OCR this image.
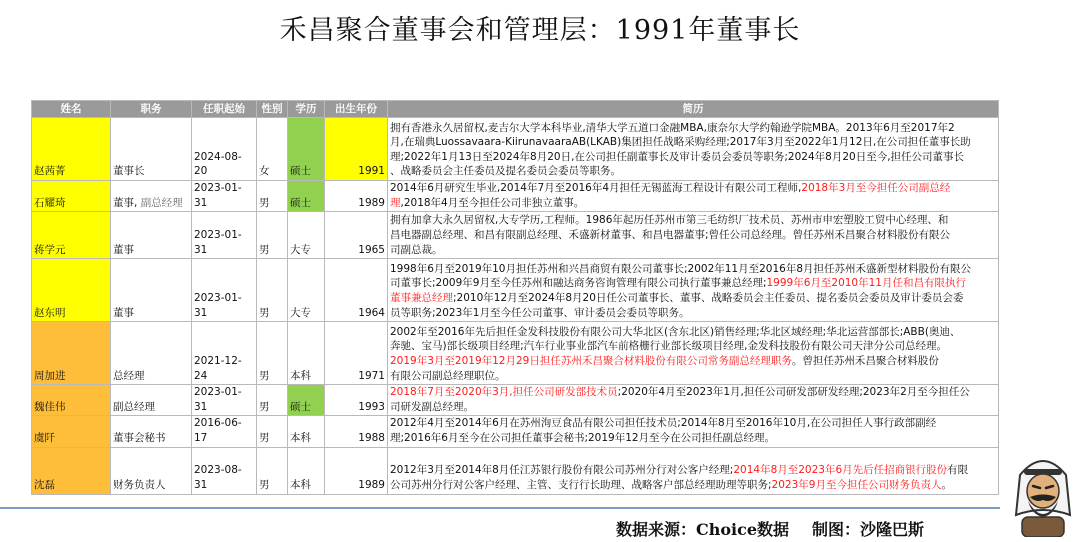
禾昌聚合董事会和管理层：1991年董事长
姓名	职务	任职起始	性别	学历	出生年份	简历
赵茜菁	董事长	2024-08-20	女	硕士	1991	拥有香港永久居留权,麦吉尔大学本科毕业,清华大学五道口金融MBA,康奈尔大学约翰逊学院MBA。2013年6月至2017年2
月,在瑞典Luossavaara-KiirunavaaraAB(LKAB)集团担任战略采购经理;2017年3月至2022年1月12日,在公司担任董事长助
理;2022年1月13日至2024年8月20日,在公司担任副董事长及审计委员会委员等职务;2024年8月20日至今,担任公司董事长
、战略委员会主任委员及提名委员会委员等职务。

石耀琦	董事, 副总经理	2023-01-31	男	硕士	1989	2014年6月研究生毕业,2014年7月至2016年4月担任无锡蓝海工程设计有限公司工程师,2018年3月至今担任公司副总经
理,2018年4月至今担任公司非独立董事。

蒋学元	董事	2023-01-31	男	大专	1965	拥有加拿大永久居留权,大专学历,工程师。1986年起历任苏州市第三毛纺织厂技术员、苏州市申宏塑胶工贸中心经理、和
昌电器副总经理、和昌有限副总经理、禾盛新材董事、和昌电器董事;曾任公司总经理。曾任苏州禾昌聚合材料股份有限公
司副总裁。

赵东明	董事	2023-01-31	男	大专	1964	1998年6月至2019年10月担任苏州和兴昌商贸有限公司董事长;2002年11月至2016年8月担任苏州禾盛新型材料股份有限公
司董事长;2009年9月至今任苏州和融达商务咨询管理有限公司执行董事兼总经理;1999年6月至2010年11月任和昌有限执行
董事兼总经理;2010年12月至2024年8月20日任公司董事长、董事、战略委员会主任委员、提名委员会委员及审计委员会委
员等职务;2023年1月至今任公司董事、审计委员会委员等职务。

周加进	总经理	2021-12-24	男	本科	1971	2002年至2016年先后担任金发科技股份有限公司大华北区(含东北区)销售经理;华北区域经理;华北运营部部长;ABB(奥迪、
奔驰、宝马)部长级项目经理;汽车行业事业部汽车前格栅行业部长级项目经理,金发科技股份有限公司天津分公司总经理。
2019年3月至2019年12月29日担任苏州禾昌聚合材料股份有限公司常务副总经理职务。曾担任苏州禾昌聚合材料股份
有限公司副总经理职位。

魏佳伟	副总经理	2023-01-31	男	硕士	1993	2018年7月至2020年3月,担任公司研发部技术员;2020年4月至2023年1月,担任公司研发部研发经理;2023年2月至今担任公
司研发副总经理。

虞阡	董事会秘书	2016-06-17	男	本科	1988	2012年4月至2014年6月在苏州洵豆食品有限公司担任技术员;2014年8月至2016年10月,在公司担任人事行政部副经
理;2016年6月至今在公司担任董事会秘书;2019年12月至今在公司担任副总经理。

沈磊	财务负责人	2023-08-31	男	本科	1989	2012年3月至2014年8月任江苏银行股份有限公司苏州分行对公客户经理;2014年8月至2023年6月先后任招商银行股份有限
公司苏州分行对公客户经理、主管、支行行长助理、战略客户部总经理助理等职务;2023年9月至今担任公司财务负责人。
数据来源：Choice数据 制图：沙隆巴斯
